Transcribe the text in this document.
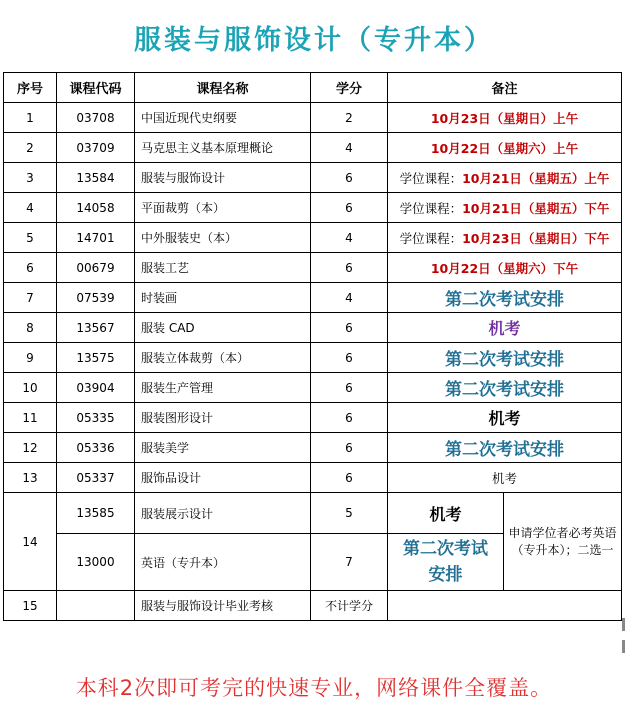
服装与服饰设计（专升本）
序号	课程代码	课程名称	学分	备注	
1	03708	中国近现代史纲要	2	10月23日（星期日）上午	
2	03709	马克思主义基本原理概论	4	10月22日（星期六）上午	
3	13584	服装与服饰设计	6	学位课程：10月21日（星期五）上午	
4	14058	平面裁剪（本）	6	学位课程：10月21日（星期五）下午	
5	14701	中外服装史（本）	4	学位课程：10月23日（星期日）下午	
6	00679	服装工艺	6	10月22日（星期六）下午	
7	07539	时装画	4	第二次考试安排	
8	13567	服装 CAD	6	机考	
9	13575	服装立体裁剪（本）	6	第二次考试安排	
10	03904	服装生产管理	6	第二次考试安排	
11	05335	服装图形设计	6	机考	
12	05336	服装美学	6	第二次考试安排	
13	05337	服饰品设计	6	机考	
14	13585	服装展示设计	5	机考	申请学位者必考英语（专升本）；二选一
	13000	英语（专升本）	7	第二次考试安排	
15		服装与服饰设计毕业考核	不计学分		
本科2次即可考完的快速专业，网络课件全覆盖。
